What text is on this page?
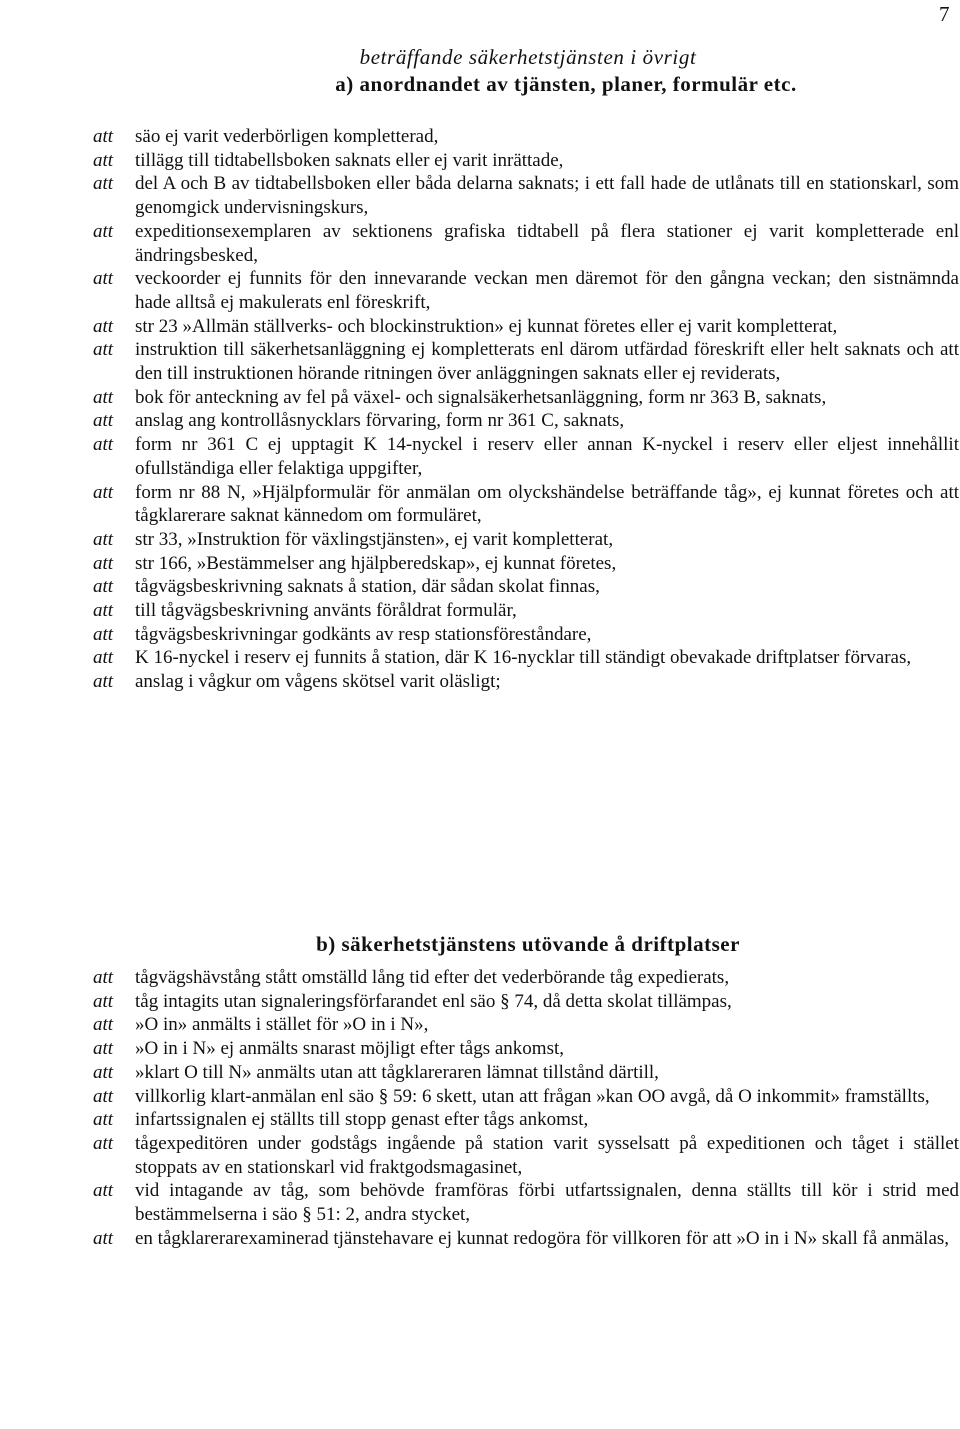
7
beträffande säkerhetstjänsten i övrigt
a) anordnandet av tjänsten, planer, formulär etc.
att	säo ej varit vederbörligen kompletterad,
att	tillägg till tidtabellsboken saknats eller ej varit inrättade,
att	del A och B av tidtabellsboken eller båda delarna saknats; i ett fall hade de utlånats till en stationskarl, som genomgick undervisningskurs,
att	expeditionsexemplaren av sektionens grafiska tidtabell på flera stationer ej varit kompletterade enl ändringsbesked,
att	veckoorder ej funnits för den innevarande veckan men däremot för den gångna veckan; den sistnämnda hade alltså ej makulerats enl föreskrift,
att	str 23 »Allmän ställverks- och blockinstruktion» ej kunnat företes eller ej varit kompletterat,
att	instruktion till säkerhetsanläggning ej kompletterats enl därom utfärdad föreskrift eller helt saknats och att den till instruktionen hörande ritningen över anläggningen saknats eller ej reviderats,
att	bok för anteckning av fel på växel- och signalsäkerhetsanläggning, form nr 363 B, saknats,
att	anslag ang kontrollåsnycklars förvaring, form nr 361 C, saknats,
att	form nr 361 C ej upptagit K 14-nyckel i reserv eller annan K-nyckel i reserv eller eljest innehållit ofullständiga eller felaktiga uppgifter,
att	form nr 88 N, »Hjälpformulär för anmälan om olyckshändelse beträffande tåg», ej kunnat företes och att tågklarerare saknat kännedom om formuläret,
att	str 33, »Instruktion för växlingstjänsten», ej varit kompletterat,
att	str 166, »Bestämmelser ang hjälpberedskap», ej kunnat företes,
att	tågvägsbeskrivning saknats å station, där sådan skolat finnas,
att	till tågvägsbeskrivning använts föråldrat formulär,
att	tågvägsbeskrivningar godkänts av resp stationsföreståndare,
att	K 16-nyckel i reserv ej funnits å station, där K 16-nycklar till ständigt obevakade driftplatser förvaras,
att	anslag i vågkur om vågens skötsel varit oläsligt;
b) säkerhetstjänstens utövande å driftplatser
att	tågvägshävstång stått omställd lång tid efter det vederbörande tåg expedierats,
att	tåg intagits utan signaleringsförfarandet enl säo § 74, då detta skolat tillämpas,
att	»O in» anmälts i stället för »O in i N»,
att	»O in i N» ej anmälts snarast möjligt efter tågs ankomst,
att	»klart O till N» anmälts utan att tågklareraren lämnat tillstånd därtill,
att	villkorlig klart-anmälan enl säo § 59: 6 skett, utan att frågan »kan OO avgå, då O inkommit» framställts,
att	infartssignalen ej ställts till stopp genast efter tågs ankomst,
att	tågexpeditören under godstågs ingående på station varit sysselsatt på expeditionen och tåget i stället stoppats av en stationskarl vid fraktgodsmagasinet,
att	vid intagande av tåg, som behövde framföras förbi utfartssignalen, denna ställts till kör i strid med bestämmelserna i säo § 51: 2, andra stycket,
att	en tågklarerarexaminerad tjänstehavare ej kunnat redogöra för villkoren för att »O in i N» skall få anmälas,
